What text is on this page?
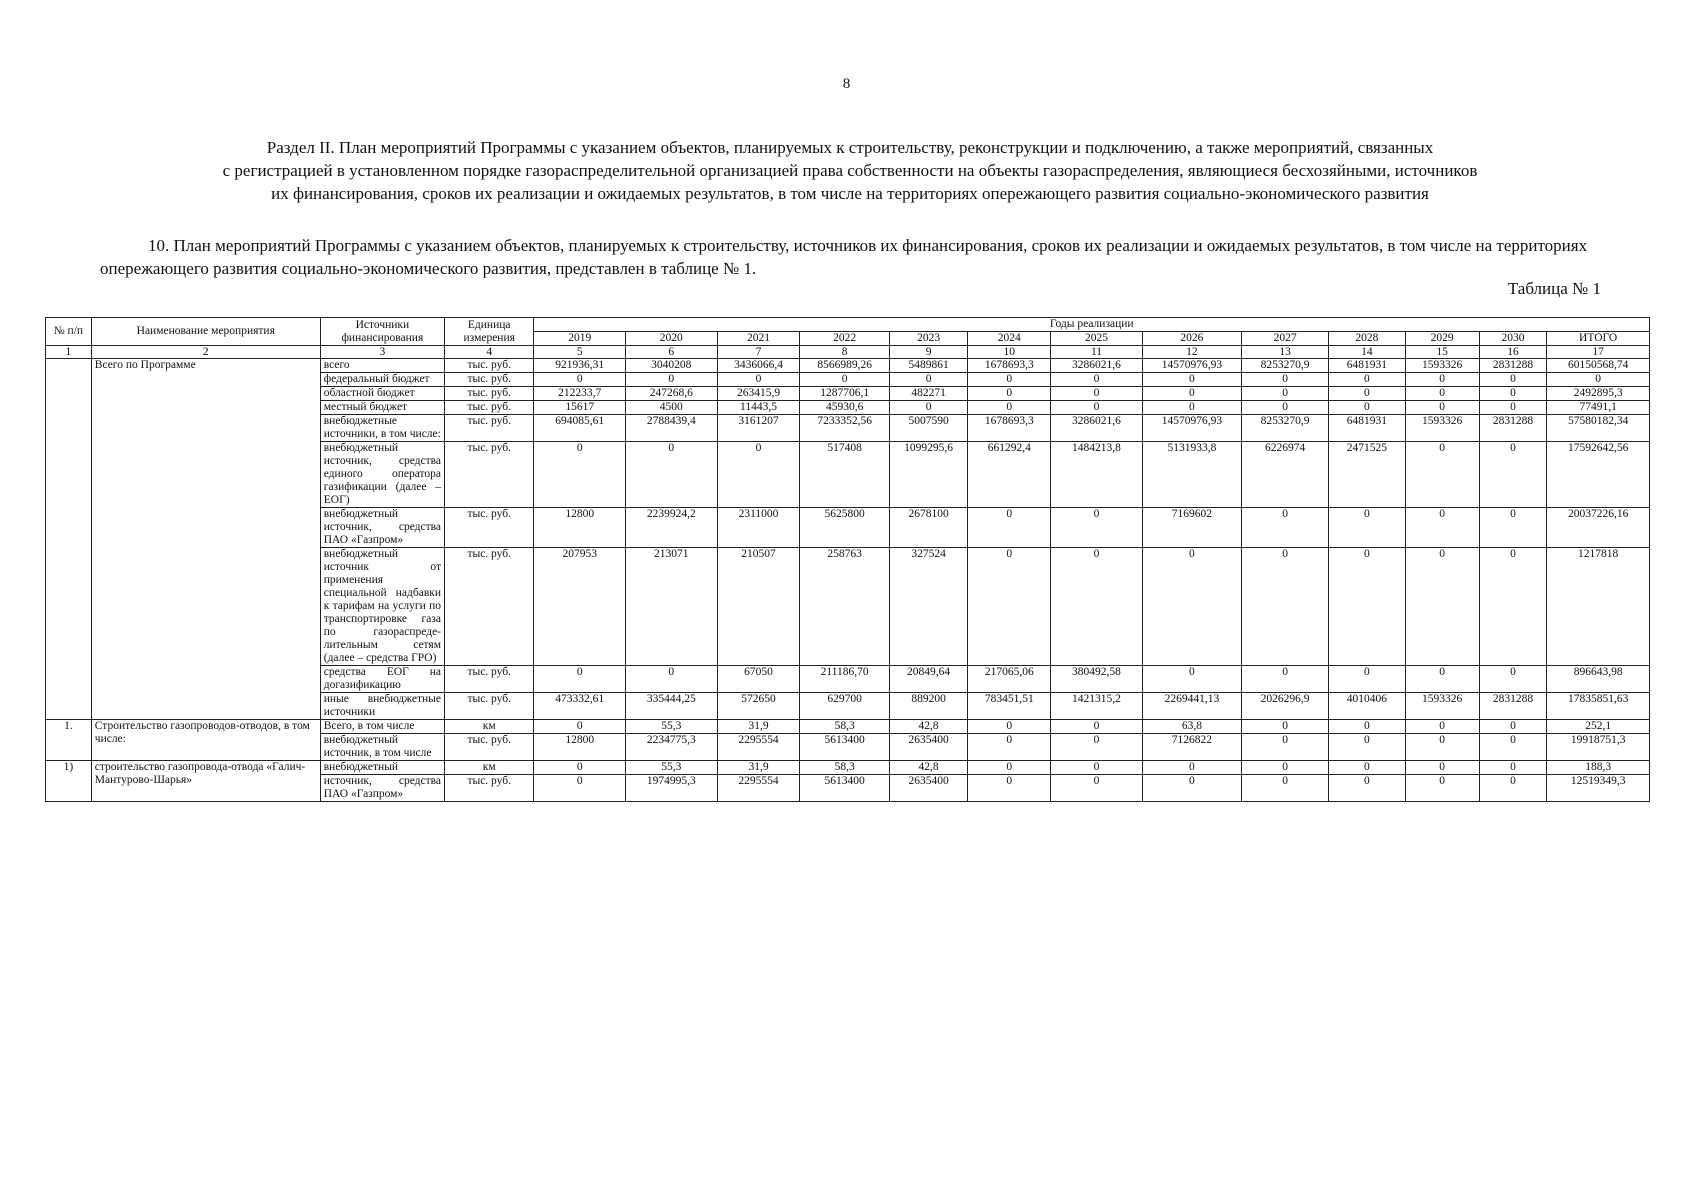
8
Раздел II. План мероприятий Программы с указанием объектов, планируемых к строительству, реконструкции и подключению, а также мероприятий, связанных
с регистрацией в установленном порядке газораспределительной организацией права собственности на объекты газораспределения, являющиеся бесхозяйными, источников
их финансирования, сроков их реализации и ожидаемых результатов, в том числе на территориях опережающего развития социально-экономического развития
10. План мероприятий Программы с указанием объектов, планируемых к строительству, источников их финансирования, сроков их реализации и ожидаемых результатов, в том числе на территориях опережающего развития социально-экономического развития, представлен в таблице № 1.
Таблица № 1
№ п/п	Наименование мероприятия	Источники финансирования	Единица измерения	Годы реализации												
				2019	2020	2021	2022	2023	2024	2025	2026	2027	2028	2029	2030	ИТОГО
1	2	3	4	5	6	7	8	9	10	11	12	13	14	15	16	17
	Всего по Программе	всего	тыс. руб.	921936,31	3040208	3436066,4	8566989,26	5489861	1678693,3	3286021,6	14570976,93	8253270,9	6481931	1593326	2831288	60150568,74
		федеральный бюджет	тыс. руб.	0	0	0	0	0	0	0	0	0	0	0	0	0
		областной бюджет	тыс. руб.	212233,7	247268,6	263415,9	1287706,1	482271	0	0	0	0	0	0	0	2492895,3
		местный бюджет	тыс. руб.	15617	4500	11443,5	45930,6	0	0	0	0	0	0	0	0	77491,1
		внебюджетные источники, в том числе:	тыс. руб.	694085,61	2788439,4	3161207	7233352,56	5007590	1678693,3	3286021,6	14570976,93	8253270,9	6481931	1593326	2831288	57580182,34
		внебюджетный источник, средства единого оператора газификации (далее – ЕОГ)	тыс. руб.	0	0	0	517408	1099295,6	661292,4	1484213,8	5131933,8	6226974	2471525	0	0	17592642,56
		внебюджетный источник, средства ПАО «Газпром»	тыс. руб.	12800	2239924,2	2311000	5625800	2678100	0	0	7169602	0	0	0	0	20037226,16
		внебюджетный источник от применения специальной надбавки к тарифам на услуги по транспортировке газа по газораспреде-лительным сетям (далее – средства ГРО)	тыс. руб.	207953	213071	210507	258763	327524	0	0	0	0	0	0	0	1217818
		средства ЕОГ на догазификацию	тыс. руб.	0	0	67050	211186,70	20849,64	217065,06	380492,58	0	0	0	0	0	896643,98
		иные внебюджетные источники	тыс. руб.	473332,61	335444,25	572650	629700	889200	783451,51	1421315,2	2269441,13	2026296,9	4010406	1593326	2831288	17835851,63
1.	Строительство газопроводов-отводов, в том числе:	Всего, в том числе	км	0	55,3	31,9	58,3	42,8	0	0	63,8	0	0	0	0	252,1
		внебюджетный источник, в том числе	тыс. руб.	12800	2234775,3	2295554	5613400	2635400	0	0	7126822	0	0	0	0	19918751,3
1)	строительство газопровода-отвода «Галич-Мантурово-Шарья»	внебюджетный	км	0	55,3	31,9	58,3	42,8	0	0	0	0	0	0	0	188,3
		источник, средства ПАО «Газпром»	тыс. руб.	0	1974995,3	2295554	5613400	2635400	0	0	0	0	0	0	0	12519349,3
